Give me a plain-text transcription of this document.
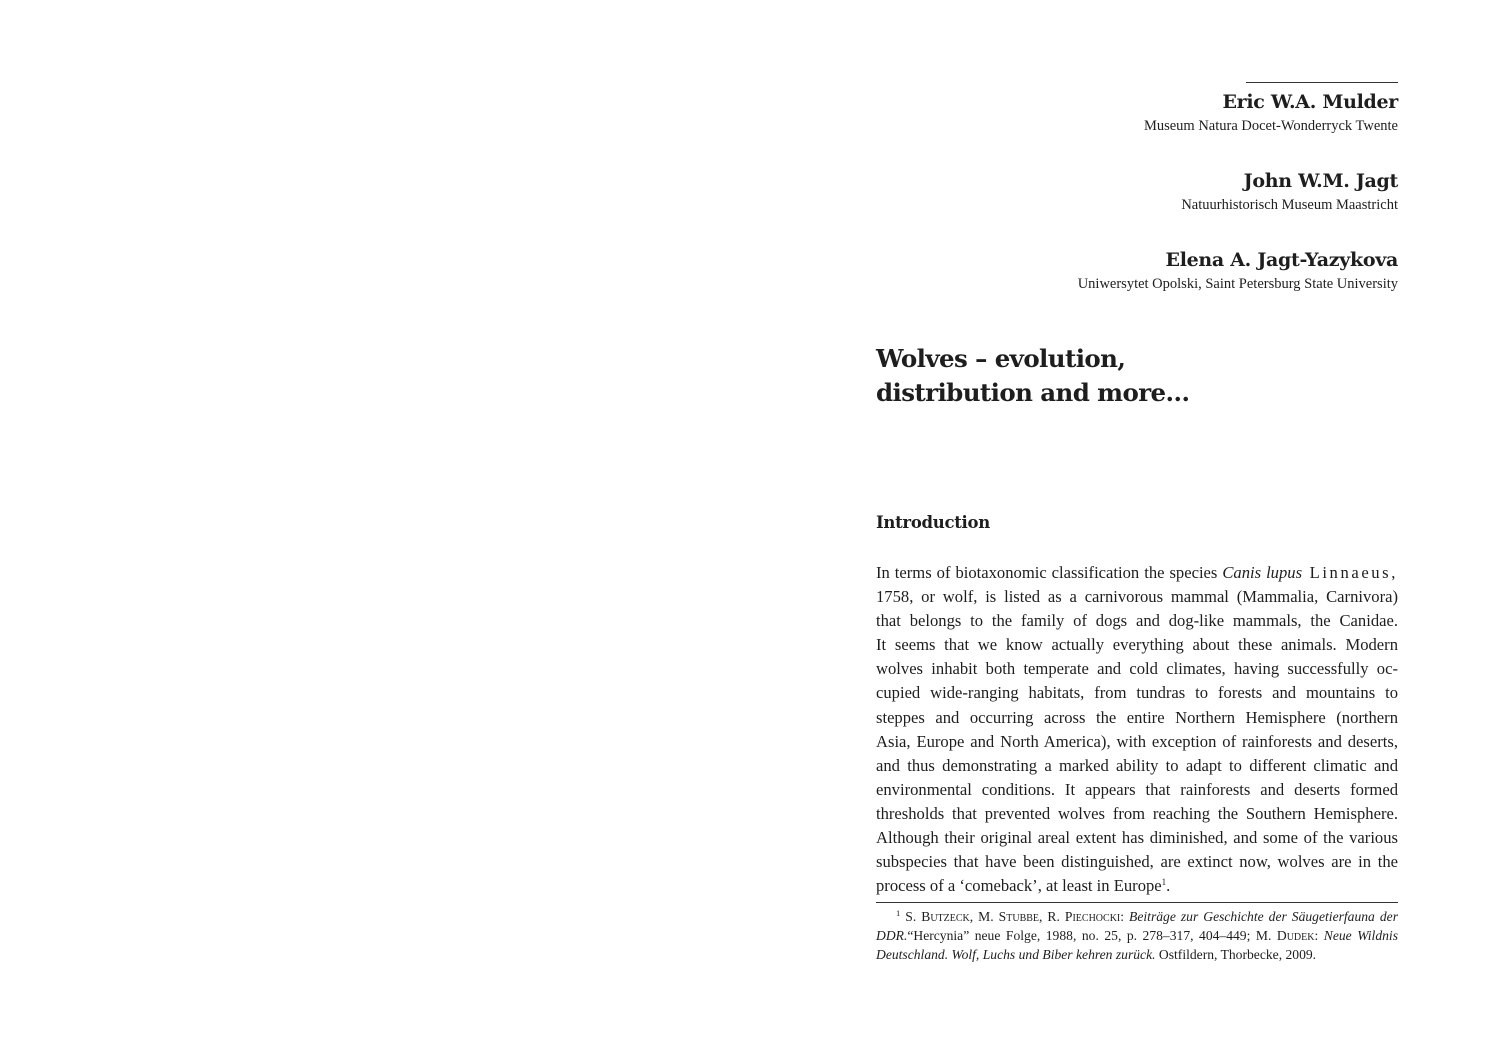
Eric W.A. Mulder

Museum Natura Docet-Wonderryck Twente

John W.M. Jagt

Natuurhistorisch Museum Maastricht

Elena A. Jagt-Yazykova

Uniwersytet Opolski, Saint Petersburg State University

Wolves – evolution,
distribution and more…
Introduction
In terms of biotaxonomic classification the species Canis lupus Linnaeus,
1758, or wolf, is listed as a carnivorous mammal (Mammalia, Carnivora)
that belongs to the family of dogs and dog-like mammals, the Canidae.
It seems that we know actually everything about these animals. Modern
wolves inhabit both temperate and cold climates, having successfully oc-
cupied wide-ranging habitats, from tundras to forests and mountains to
steppes and occurring across the entire Northern Hemisphere (northern
Asia, Europe and North America), with exception of rainforests and deserts,
and thus demonstrating a marked ability to adapt to different climatic and
environmental conditions. It appears that rainforests and deserts formed
thresholds that prevented wolves from reaching the Southern Hemisphere.
Although their original areal extent has diminished, and some of the various
subspecies that have been distinguished, are extinct now, wolves are in the
process of a ‘comeback’, at least in Europe$^1$.
$^1$ S. Butzeck, M. Stubbe, R. Piechocki: Beiträge zur Geschichte der Säugetierfauna der
DDR.“Hercynia” neue Folge, 1988, no. 25, p. 278–317, 404–449; M. Dudek: Neue Wildnis
Deutschland. Wolf, Luchs und Biber kehren zurück. Ostfildern, Thorbecke, 2009.
